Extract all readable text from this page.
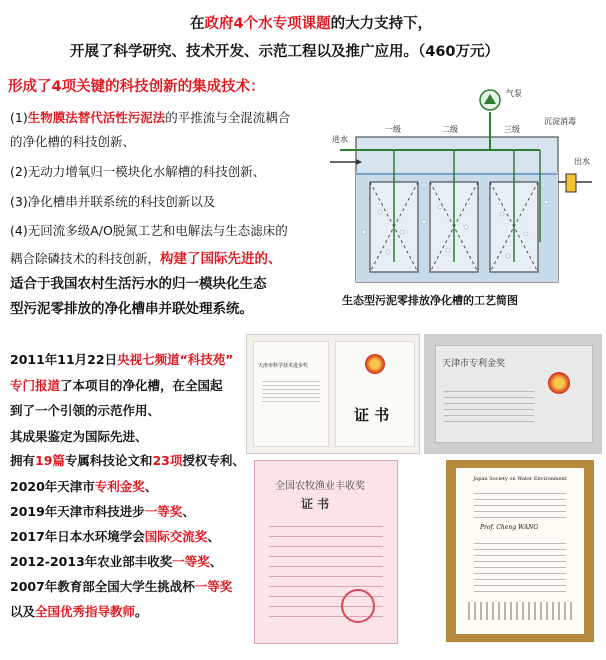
在政府4个水专项课题的大力支持下，
开展了科学研究、技术开发、示范工程以及推广应用。（460万元）
形成了4项关键的科技创新的集成技术：
(1)生物膜法替代活性污泥法的平推流与全混流耦合
的净化槽的科技创新、
(2)无动力增氧归一模块化水解槽的科技创新、
(3)净化槽串并联系统的科技创新以及
(4)无回流多级A/O脱氮工艺和电解法与生态滤床的
耦合除磷技术的科技创新，构建了国际先进的、
适合于我国农村生活污水的归一模块化生态
型污泥零排放的净化槽串并联处理系统。
进水
一级	二级	三级
气泵
沉淀消毒
出水
生态型污泥零排放净化槽的工艺简图
2011年11月22日央视七频道“科技苑”
专门报道了本项目的净化槽，在全国起
到了一个引领的示范作用、
其成果鉴定为国际先进、
拥有19篇专属科技论文和23项授权专利、
2020年天津市专利金奖、
2019年天津市科技进步一等奖、
2017年日本水环境学会国际交流奖、
2012-2013年农业部丰收奖一等奖、
2007年教育部全国大学生挑战杯一等奖
以及全国优秀指导教师。
天津市科学技术进步奖
证 书
天津市专利金奖
全国农牧渔业丰收奖
证 书
Japan Society on Water Environment
Prof. Cheng WANG
